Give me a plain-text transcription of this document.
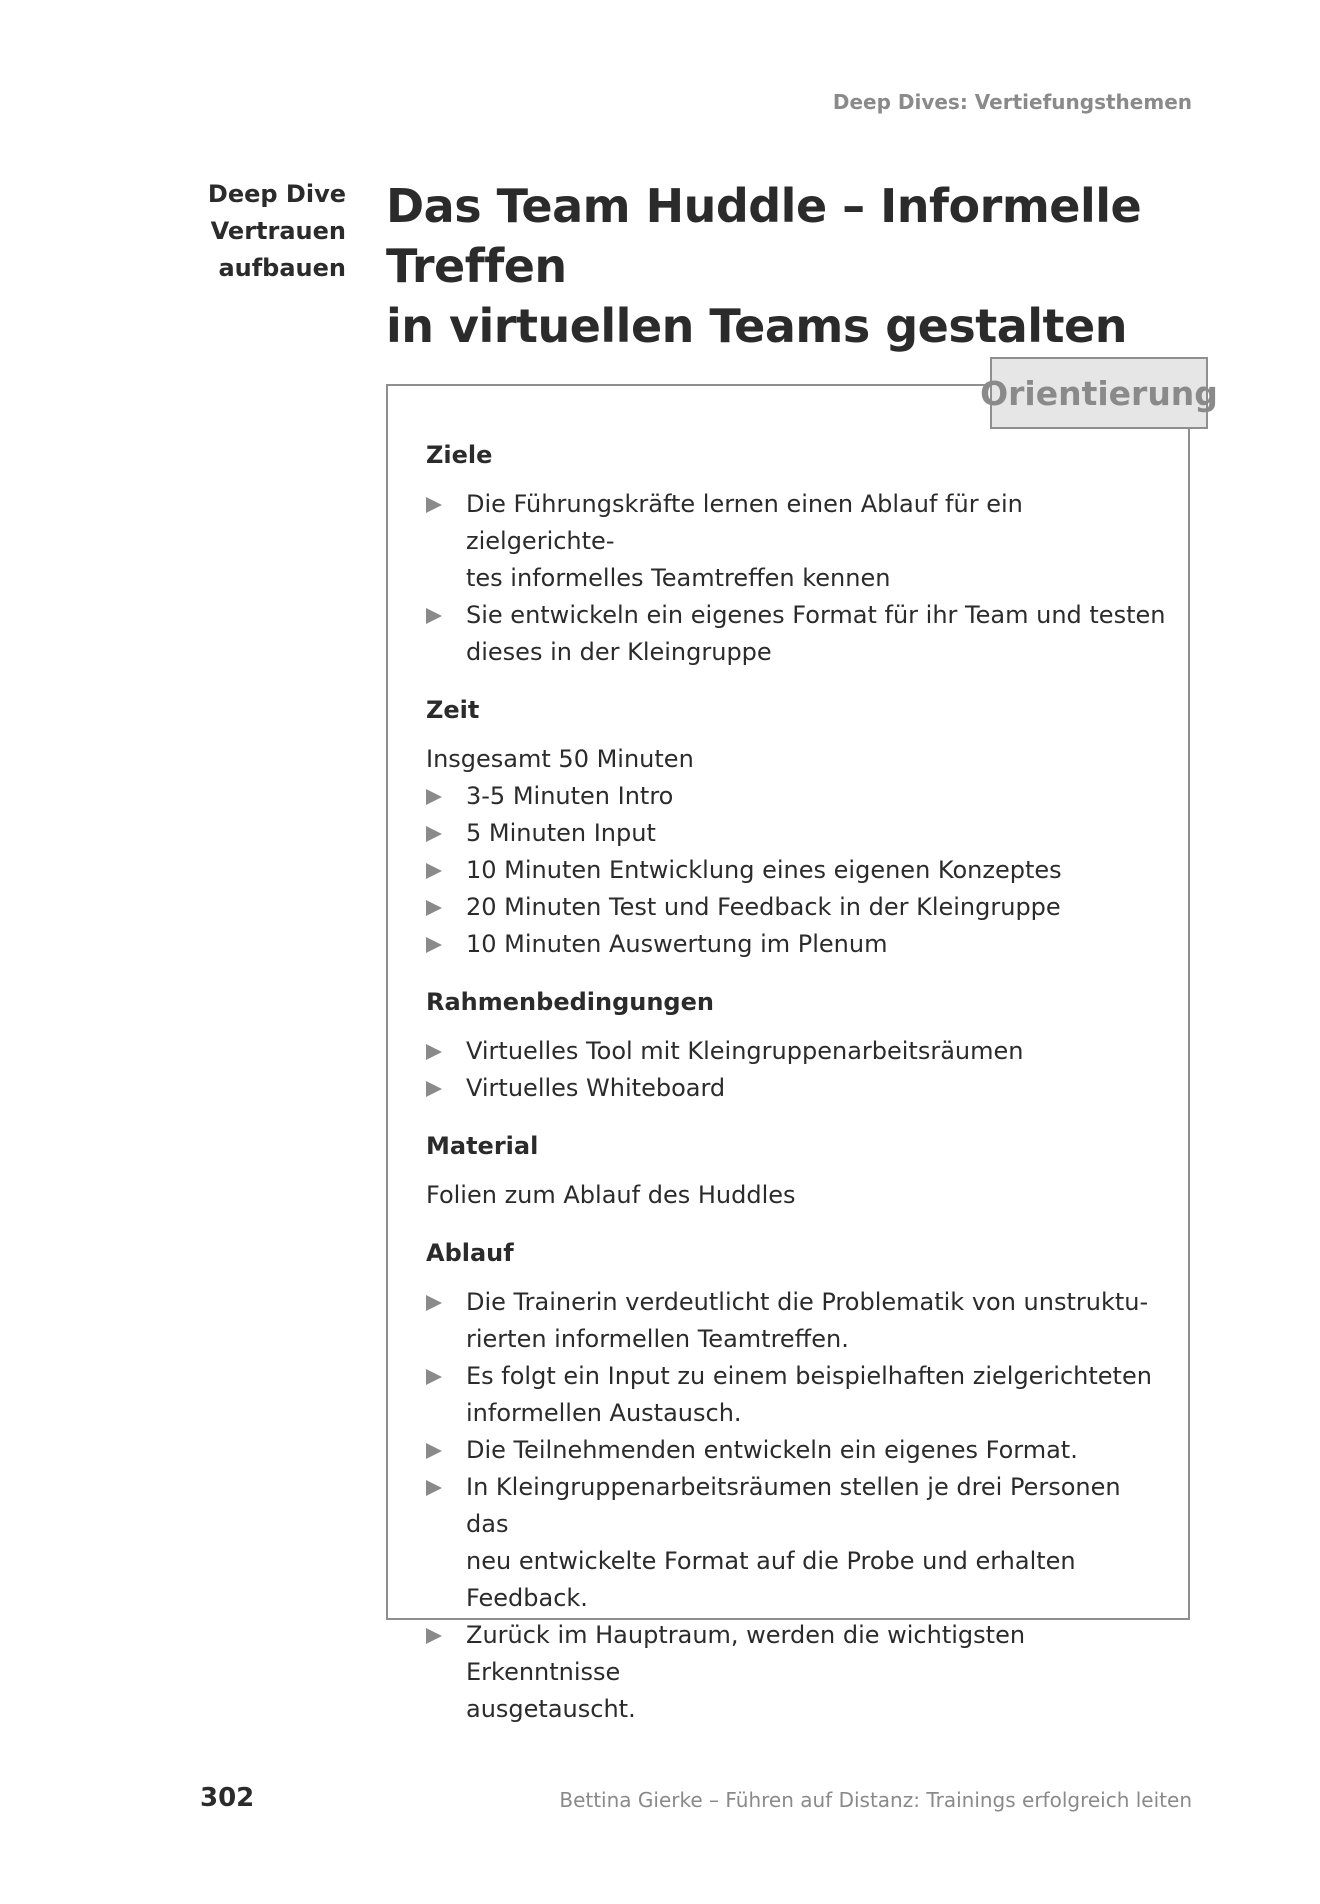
Deep Dives: Vertiefungsthemen
Deep Dive
Vertrauen
aufbauen
Das Team Huddle – Informelle Treffen
in virtuellen Teams gestalten
Orientierung
Ziele
Die Führungskräfte lernen einen Ablauf für ein zielgerichte-
tes informelles Teamtreffen kennen
Sie entwickeln ein eigenes Format für ihr Team und testen
dieses in der Kleingruppe
Zeit

Insgesamt 50 Minuten

3-5 Minuten Intro
5 Minuten Input
10 Minuten Entwicklung eines eigenen Konzeptes
20 Minuten Test und Feedback in der Kleingruppe
10 Minuten Auswertung im Plenum
Rahmenbedingungen
Virtuelles Tool mit Kleingruppenarbeitsräumen
Virtuelles Whiteboard
Material

Folien zum Ablauf des Huddles

Ablauf
Die Trainerin verdeutlicht die Problematik von unstruktu-
rierten informellen Teamtreffen.
Es folgt ein Input zu einem beispielhaften zielgerichteten
informellen Austausch.
Die Teilnehmenden entwickeln ein eigenes Format.
In Kleingruppenarbeitsräumen stellen je drei Personen das
neu entwickelte Format auf die Probe und erhalten Feedback.
Zurück im Hauptraum, werden die wichtigsten Erkenntnisse
ausgetauscht.
302	Bettina Gierke – Führen auf Distanz: Trainings erfolgreich leiten
